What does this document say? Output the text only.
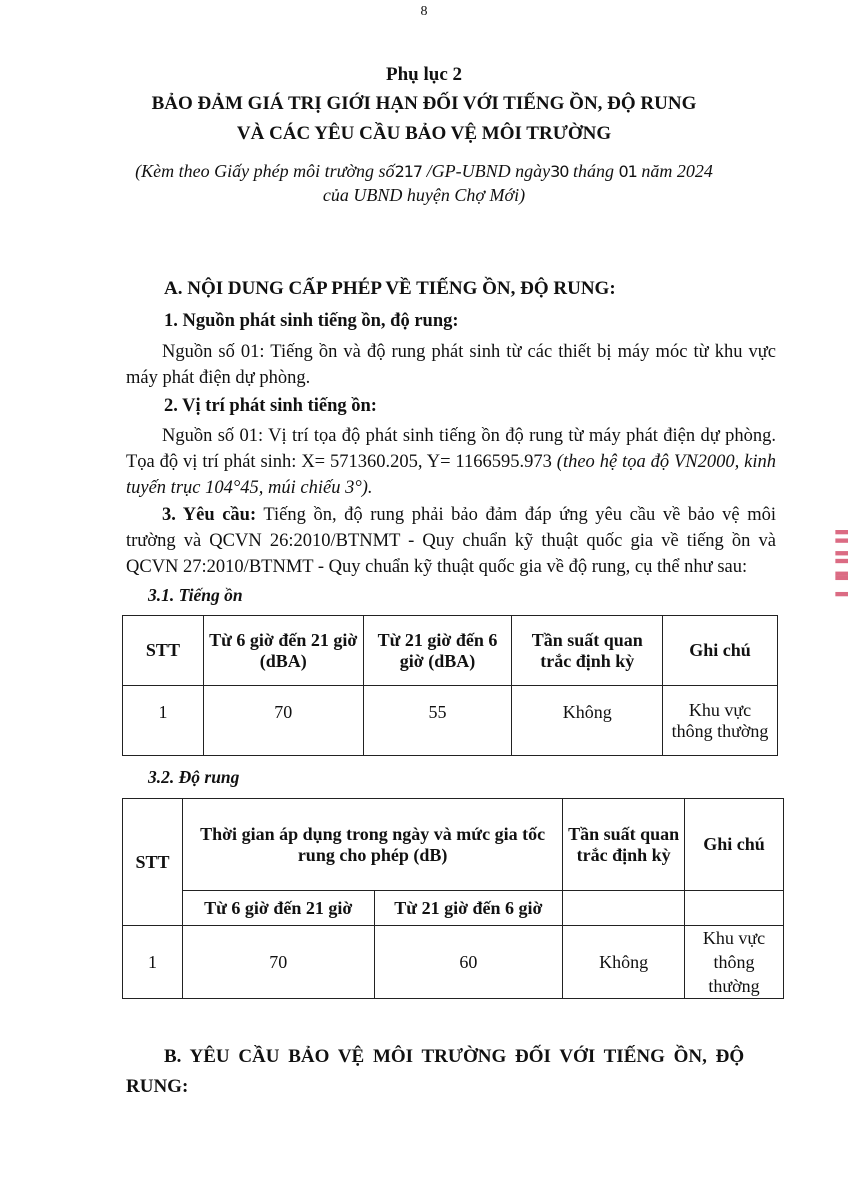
8
Phụ lục 2
BẢO ĐẢM GIÁ TRỊ GIỚI HẠN ĐỐI VỚI TIẾNG ỒN, ĐỘ RUNG
VÀ CÁC YÊU CẦU BẢO VỆ MÔI TRƯỜNG
(Kèm theo Giấy phép môi trường số217 /GP-UBND ngày30 tháng 01 năm 2024
của UBND huyện Chợ Mới)
A. NỘI DUNG CẤP PHÉP VỀ TIẾNG ỒN, ĐỘ RUNG:
1. Nguồn phát sinh tiếng ồn, độ rung:
Nguồn số 01: Tiếng ồn và độ rung phát sinh từ các thiết bị máy móc từ khu vực máy phát điện dự phòng.
2. Vị trí phát sinh tiếng ồn:
Nguồn số 01: Vị trí tọa độ phát sinh tiếng ồn độ rung từ máy phát điện dự phòng. Tọa độ vị trí phát sinh: X= 571360.205, Y= 1166595.973 (theo hệ tọa độ VN2000, kinh tuyến trục 104°45, múi chiếu 3°).
3. Yêu cầu: Tiếng ồn, độ rung phải bảo đảm đáp ứng yêu cầu về bảo vệ môi trường và QCVN 26:2010/BTNMT - Quy chuẩn kỹ thuật quốc gia về tiếng ồn và QCVN 27:2010/BTNMT - Quy chuẩn kỹ thuật quốc gia về độ rung, cụ thể như sau:
3.1. Tiếng ồn
STT	Từ 6 giờ đến 21 giờ (dBA)	Từ 21 giờ đến 6 giờ (dBA)	Tần suất quan trắc định kỳ	Ghi chú
1	70	55	Không	Khu vực thông thường
3.2. Độ rung
STT	Thời gian áp dụng trong ngày và mức gia tốc rung cho phép (dB)		Tần suất quan trắc định kỳ	Ghi chú
	Từ 6 giờ đến 21 giờ	Từ 21 giờ đến 6 giờ		
1	70	60	Không	Khu vực thông thường
B. YÊU CẦU BẢO VỆ MÔI TRƯỜNG ĐỐI VỚI TIẾNG ỒN, ĐỘ RUNG:
▌▌▐ ▌▐▌ ▐
